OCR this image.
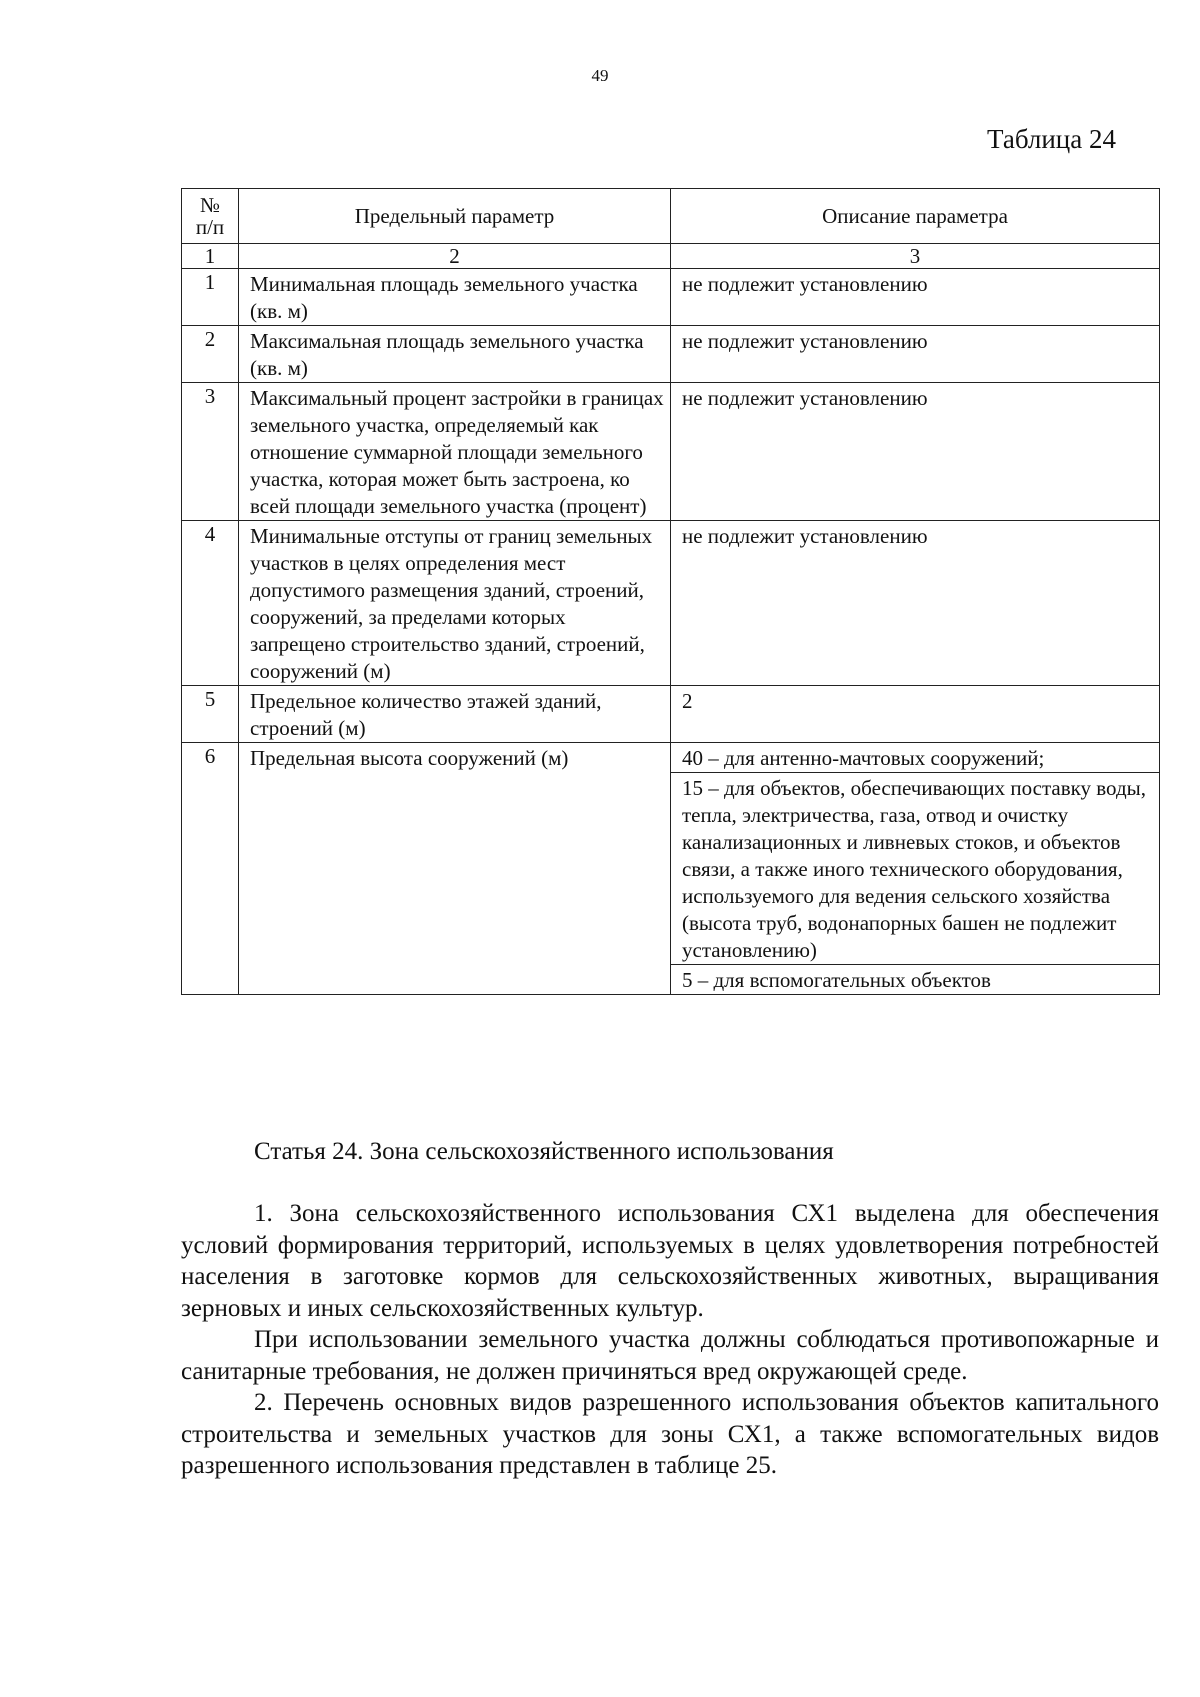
49
Таблица 24
№ п/п	Предельный параметр	Описание параметра
1	2	3
1	Минимальная площадь земельного участка (кв. м)	не подлежит установлению
2	Максимальная площадь земельного участка (кв. м)	не подлежит установлению
3	Максимальный процент застройки в границах земельного участка, определяемый как отношение суммарной площади земельного участка, которая может быть застроена, ко всей площади земельного участка (процент)	не подлежит установлению
4	Минимальные отступы от границ земельных участков в целях определения мест допустимого размещения зданий, строений, сооружений, за пределами которых запрещено строительство зданий, строений, сооружений (м)	не подлежит установлению
5	Предельное количество этажей зданий, строений (м)	2
6	Предельная высота сооружений (м)	40 – для антенно-мачтовых сооружений;
15 – для объектов, обеспечивающих поставку воды, тепла, электричества, газа, отвод и очистку канализационных и ливневых стоков, и объектов связи, а также иного технического оборудования, используемого для ведения сельского хозяйства (высота труб, водонапорных башен не подлежит установлению)
5 – для вспомогательных объектов
Статья 24. Зона сельскохозяйственного использования

1. Зона сельскохозяйственного использования СХ1 выделена для обеспечения условий формирования территорий, используемых в целях удовлетворения потребностей населения в заготовке кормов для сельскохозяйственных животных, выращивания зерновых и иных сельскохозяйственных культур.

При использовании земельного участка должны соблюдаться противопожарные и санитарные требования, не должен причиняться вред окружающей среде.

2. Перечень основных видов разрешенного использования объектов капитального строительства и земельных участков для зоны СХ1, а также вспомогательных видов разрешенного использования представлен в таблице 25.
